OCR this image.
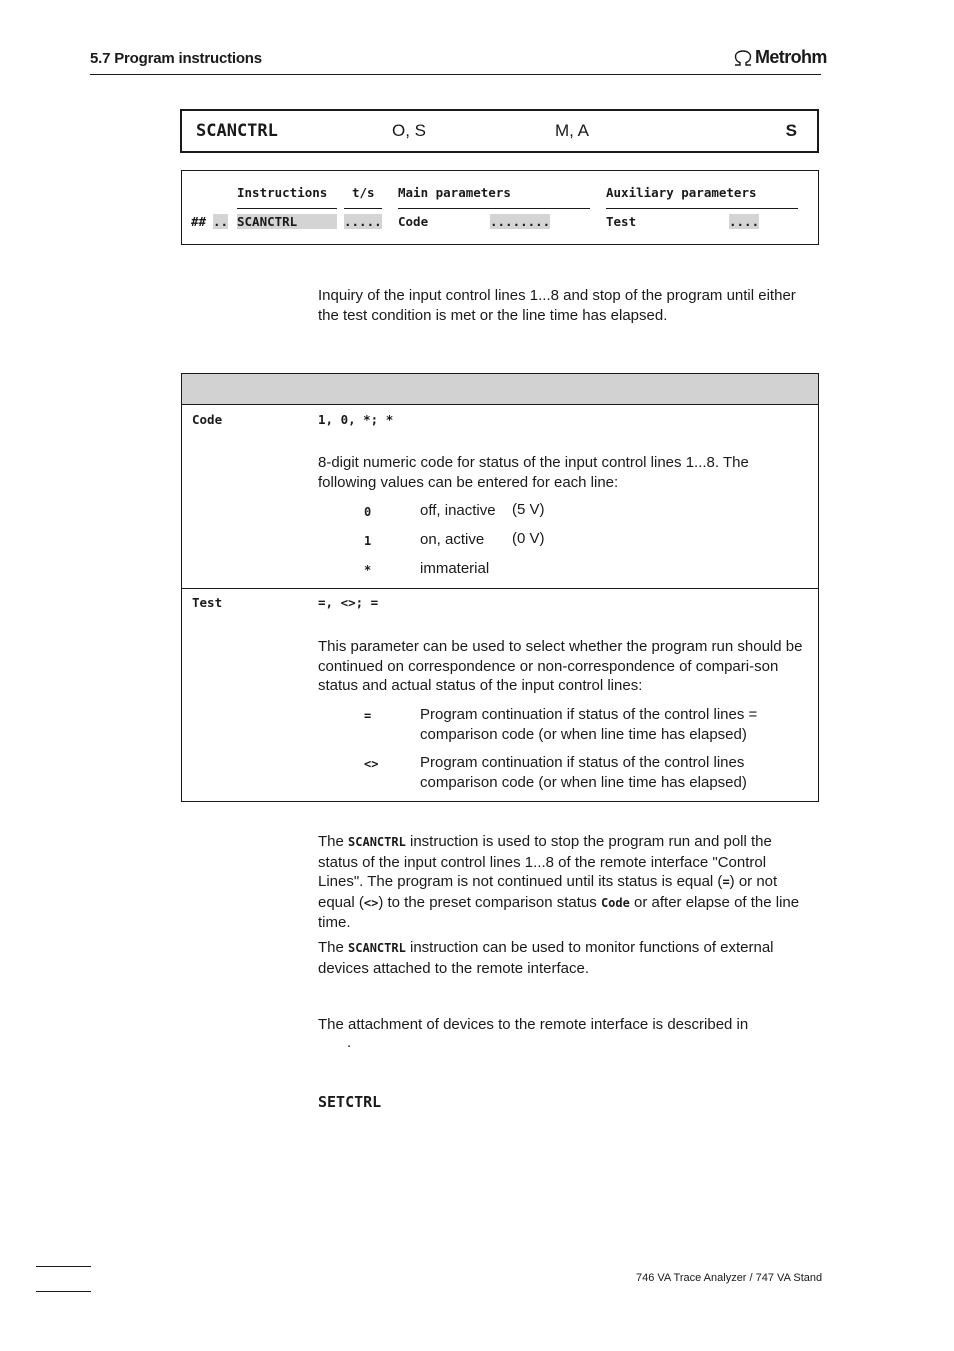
5.7 Program instructions	Metrohm
SCANCTRL	O, S	M, A	S
Instructions t/s Main parameters	Auxiliary parameters
## .. SCANCTRL	..... Code	........	Test	....
Inquiry of the input control lines 1...8 and stop of the program until either the test condition is met or the line time has elapsed.
Code	1, 0, *; *
8-digit numeric code for status of the input control lines 1...8. The following values can be entered for each line:
0	off, inactive (5 V)
1	on, active (0 V)
*	immaterial
Test	=, <>; =
This parameter can be used to select whether the program run should be continued on correspondence or non-correspondence of compari-son status and actual status of the input control lines:
=	Program continuation if status of the control lines =
comparison code (or when line time has elapsed)
<>	Program continuation if status of the control lines
comparison code (or when line time has elapsed)
The SCANCTRL instruction is used to stop the program run and poll the status of the input control lines 1...8 of the remote interface "Control Lines". The program is not continued until its status is equal (=) or not equal (<>) to the preset comparison status Code or after elapse of the line time.
The SCANCTRL instruction can be used to monitor functions of external devices attached to the remote interface.
The attachment of devices to the remote interface is described in
.
SETCTRL
746 VA Trace Analyzer / 747 VA Stand
